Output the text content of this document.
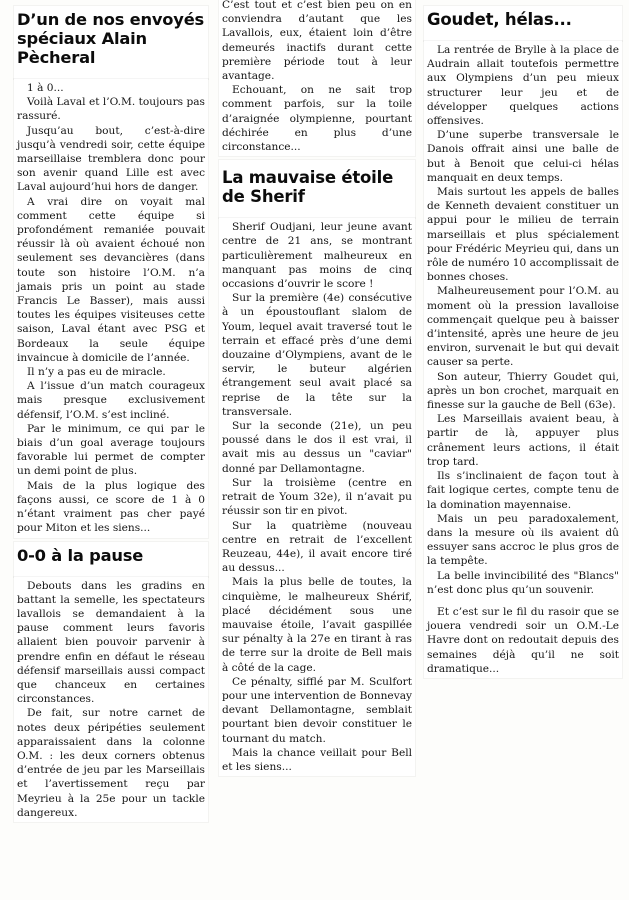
D’un de nos envoyés spéciaux Alain Pècheral

1 à 0...

Voilà Laval et l’O.M. toujours pas rassuré.

Jusqu’au bout, c’est-à-dire jusqu’à vendredi soir, cette équipe marseillaise tremblera donc pour son avenir quand Lille est avec Laval aujourd’hui hors de danger.

A vrai dire on voyait mal comment cette équipe si profondément remaniée pouvait réussir là où avaient échoué non seulement ses devancières (dans toute son histoire l’O.M. n’a jamais pris un point au stade Francis Le Basser), mais aussi toutes les équipes visiteuses cette saison, Laval étant avec PSG et Bordeaux la seule équipe invaincue à domicile de l’année.

Il n’y a pas eu de miracle.

A l’issue d’un match courageux mais presque exclusivement défensif, l’O.M. s’est incliné.

Par le minimum, ce qui par le biais d’un goal average toujours favorable lui permet de compter un demi point de plus.

Mais de la plus logique des façons aussi, ce score de 1 à 0 n’étant vraiment pas cher payé pour Miton et les siens...

0-0 à la pause

Debouts dans les gradins en battant la semelle, les spectateurs lavallois se demandaient à la pause comment leurs favoris allaient bien pouvoir parvenir à prendre enfin en défaut le réseau défensif marseillais aussi compact que chanceux en certaines circonstances.

De fait, sur notre carnet de notes deux péripéties seulement apparaissaient dans la colonne O.M. : les deux corners obtenus d’entrée de jeu par les Marseillais et l’avertissement reçu par Meyrieu à la 25e pour un tackle dangereux.

C’est tout et c’est bien peu on en conviendra d’autant que les Lavallois, eux, étaient loin d’être demeurés inactifs durant cette première période tout à leur avantage.

Echouant, on ne sait trop comment parfois, sur la toile d’araignée olympienne, pourtant déchirée en plus d’une circonstance...

La mauvaise étoile de Sherif

Sherif Oudjani, leur jeune avant centre de 21 ans, se montrant particulièrement malheureux en manquant pas moins de cinq occasions d’ouvrir le score !

Sur la première (4e) consécutive à un époustouflant slalom de Youm, lequel avait traversé tout le terrain et effacé près d’une demi douzaine d’Olympiens, avant de le servir, le buteur algérien étrangement seul avait placé sa reprise de la tête sur la transversale.

Sur la seconde (21e), un peu poussé dans le dos il est vrai, il avait mis au dessus un "caviar" donné par Dellamontagne.

Sur la troisième (centre en retrait de Youm 32e), il n’avait pu réussir son tir en pivot.

Sur la quatrième (nouveau centre en retrait de l’excellent Reuzeau, 44e), il avait encore tiré au dessus...

Mais la plus belle de toutes, la cinquième, le malheureux Shérif, placé décidément sous une mauvaise étoile, l’avait gaspillée sur pénalty à la 27e en tirant à ras de terre sur la droite de Bell mais à côté de la cage.

Ce pénalty, sifflé par M. Sculfort pour une intervention de Bonnevay devant Dellamontagne, semblait pourtant bien devoir constituer le tournant du match.

Mais la chance veillait pour Bell et les siens...

Goudet, hélas...

La rentrée de Brylle à la place de Audrain allait toutefois permettre aux Olympiens d’un peu mieux structurer leur jeu et de développer quelques actions offensives.

D’une superbe transversale le Danois offrait ainsi une balle de but à Benoit que celui-ci hélas manquait en deux temps.

Mais surtout les appels de balles de Kenneth devaient constituer un appui pour le milieu de terrain marseillais et plus spécialement pour Frédéric Meyrieu qui, dans un rôle de numéro 10 accomplissait de bonnes choses.

Malheureusement pour l’O.M. au moment où la pression lavalloise commençait quelque peu à baisser d’intensité, après une heure de jeu environ, survenait le but qui devait causer sa perte.

Son auteur, Thierry Goudet qui, après un bon crochet, marquait en finesse sur la gauche de Bell (63e).

Les Marseillais avaient beau, à partir de là, appuyer plus crânement leurs actions, il était trop tard.

Ils s’inclinaient de façon tout à fait logique certes, compte tenu de la domination mayennaise.

Mais un peu paradoxalement, dans la mesure où ils avaient dû essuyer sans accroc le plus gros de la tempête.

La belle invincibilité des "Blancs" n’est donc plus qu’un souvenir.

Et c’est sur le fil du rasoir que se jouera vendredi soir un O.M.-Le Havre dont on redoutait depuis des semaines déjà qu’il ne soit dramatique...
